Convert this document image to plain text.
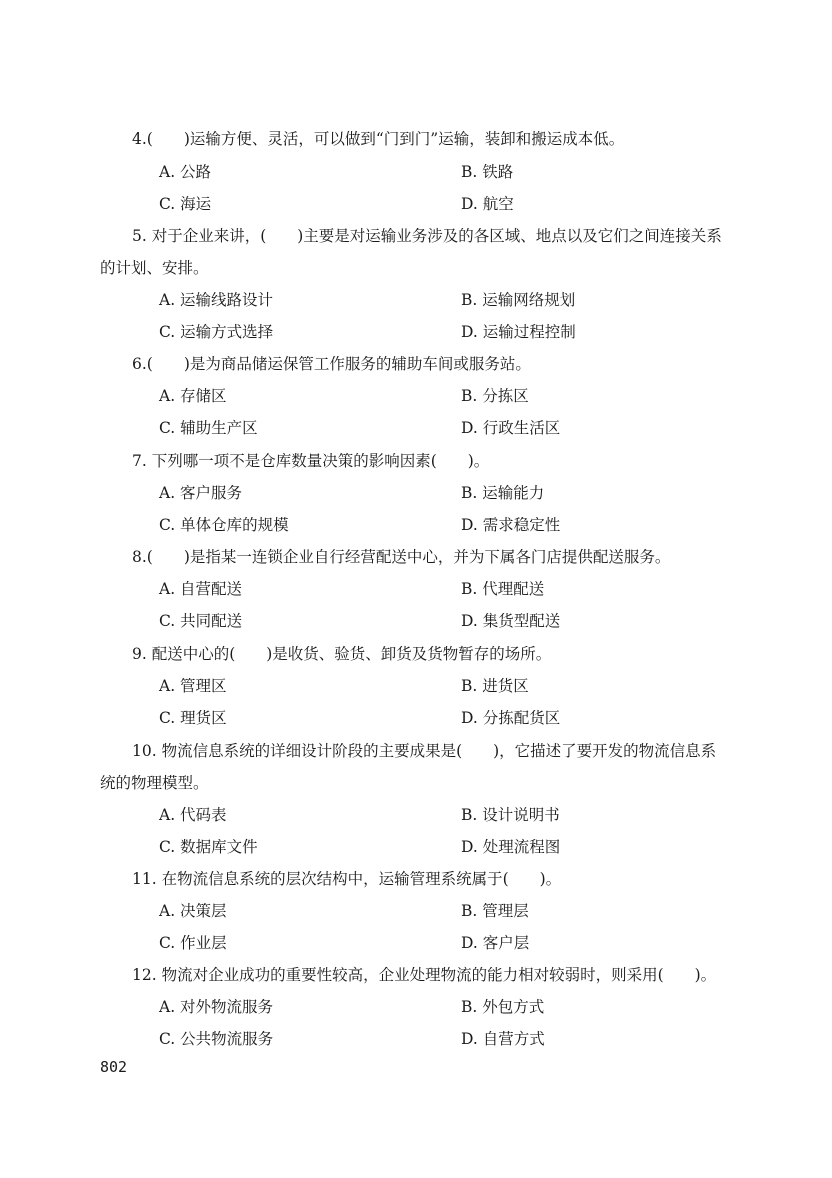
4.(　　)运输方便、灵活，可以做到“门到门”运输，装卸和搬运成本低。
A. 公路	B. 铁路
C. 海运	D. 航空
5. 对于企业来讲，(　　)主要是对运输业务涉及的各区域、地点以及它们之间连接关系
的计划、安排。
A. 运输线路设计	B. 运输网络规划
C. 运输方式选择	D. 运输过程控制
6.(　　)是为商品储运保管工作服务的辅助车间或服务站。
A. 存储区	B. 分拣区
C. 辅助生产区	D. 行政生活区
7. 下列哪一项不是仓库数量决策的影响因素(　　)。
A. 客户服务	B. 运输能力
C. 单体仓库的规模	D. 需求稳定性
8.(　　)是指某一连锁企业自行经营配送中心，并为下属各门店提供配送服务。
A. 自营配送	B. 代理配送
C. 共同配送	D. 集货型配送
9. 配送中心的(　　)是收货、验货、卸货及货物暂存的场所。
A. 管理区	B. 进货区
C. 理货区	D. 分拣配货区
10. 物流信息系统的详细设计阶段的主要成果是(　　)，它描述了要开发的物流信息系
统的物理模型。
A. 代码表	B. 设计说明书
C. 数据库文件	D. 处理流程图
11. 在物流信息系统的层次结构中，运输管理系统属于(　　)。
A. 决策层	B. 管理层
C. 作业层	D. 客户层
12. 物流对企业成功的重要性较高，企业处理物流的能力相对较弱时，则采用(　　)。
A. 对外物流服务	B. 外包方式
C. 公共物流服务	D. 自营方式
802
